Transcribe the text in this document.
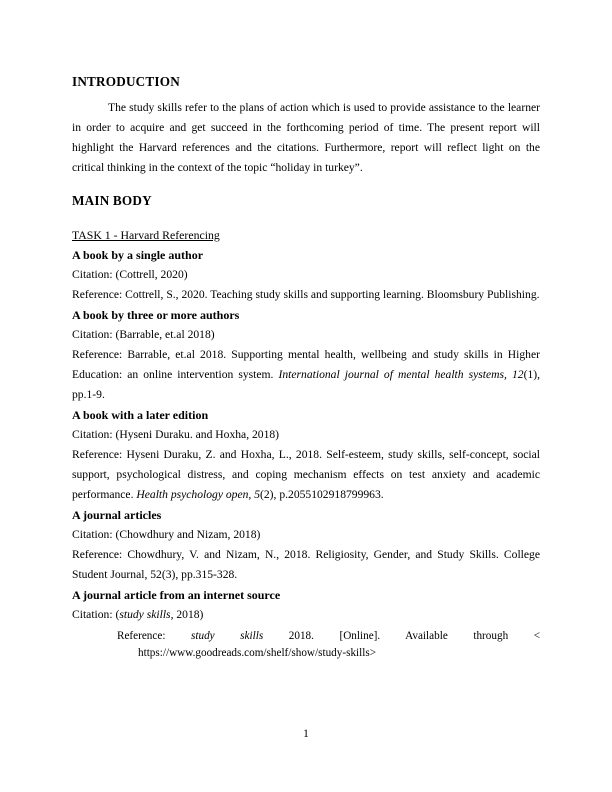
INTRODUCTION

The study skills refer to the plans of action which is used to provide assistance to the learner in order to acquire and get succeed in the forthcoming period of time. The present report will highlight the Harvard references and the citations. Furthermore, report will reflect light on the critical thinking in the context of the topic “holiday in turkey”.

MAIN BODY

TASK 1 - Harvard Referencing

A book by a single author

Citation: (Cottrell, 2020)

Reference: Cottrell, S., 2020. Teaching study skills and supporting learning. Bloomsbury Publishing.

A book by three or more authors

Citation: (Barrable, et.al 2018)

Reference: Barrable, et.al 2018. Supporting mental health, wellbeing and study skills in Higher Education: an online intervention system. International journal of mental health systems, 12(1), pp.1-9.

A book with a later edition

Citation: (Hyseni Duraku. and Hoxha, 2018)

Reference: Hyseni Duraku, Z. and Hoxha, L., 2018. Self-esteem, study skills, self-concept, social support, psychological distress, and coping mechanism effects on test anxiety and academic performance. Health psychology open, 5(2), p.2055102918799963.

A journal articles

Citation: (Chowdhury and Nizam, 2018)

Reference: Chowdhury, V. and Nizam, N., 2018. Religiosity, Gender, and Study Skills. College Student Journal, 52(3), pp.315-328.

A journal article from an internet source

Citation: (study skills, 2018)

Reference: study skills 2018. [Online]. Available through <
https://www.goodreads.com/shelf/show/study-skills>

1
